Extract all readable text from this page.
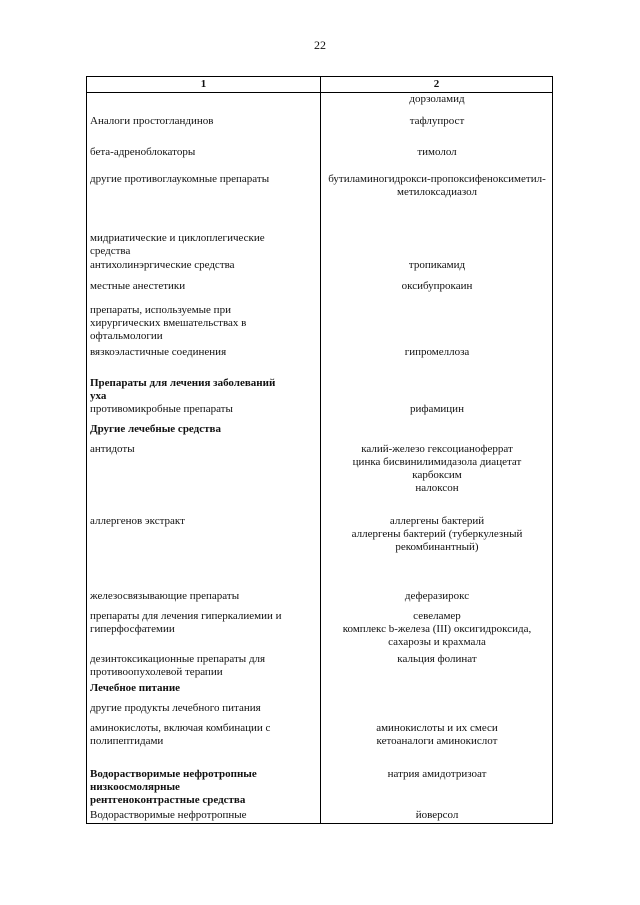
22
1	2

	дорзоламид

Аналоги простогландинов	тафлупрост

бета-адреноблокаторы	тимолол

другие противоглаукомные препараты	бутиламиногидрокси-пропоксифеноксиметил-
метилоксадиазол

мидриатические и циклоплегические
средства	

антихолинэргические средства	тропикамид

местные анестетики	оксибупрокаин

препараты, используемые при
хирургических вмешательствах в
офтальмологии	

вязкоэластичные соединения	гипромеллоза

Препараты для лечения заболеваний
уха	

противомикробные препараты	рифамицин

Другие лечебные средства	

антидоты	калий-железо гексоцианоферрат
цинка бисвинилимидазола диацетат
карбоксим
налоксон

аллергенов экстракт	аллергены бактерий
аллергены бактерий (туберкулезный
рекомбинантный)

железосвязывающие препараты	деферазирокс

препараты для лечения гиперкалиемии и
гиперфосфатемии	севеламер
комплекс b-железа (III) оксигидроксида,
сахарозы и крахмала

дезинтоксикационные препараты для
противоопухолевой терапии	кальция фолинат

Лечебное питание	

другие продукты лечебного питания	

аминокислоты, включая комбинации с
полипептидами	аминокислоты и их смеси
кетоаналоги аминокислот

Водорастворимые нефротропные
низкоосмолярные
рентгеноконтрастные средства	натрия амидотризоат

Водорастворимые нефротропные	йоверсол
